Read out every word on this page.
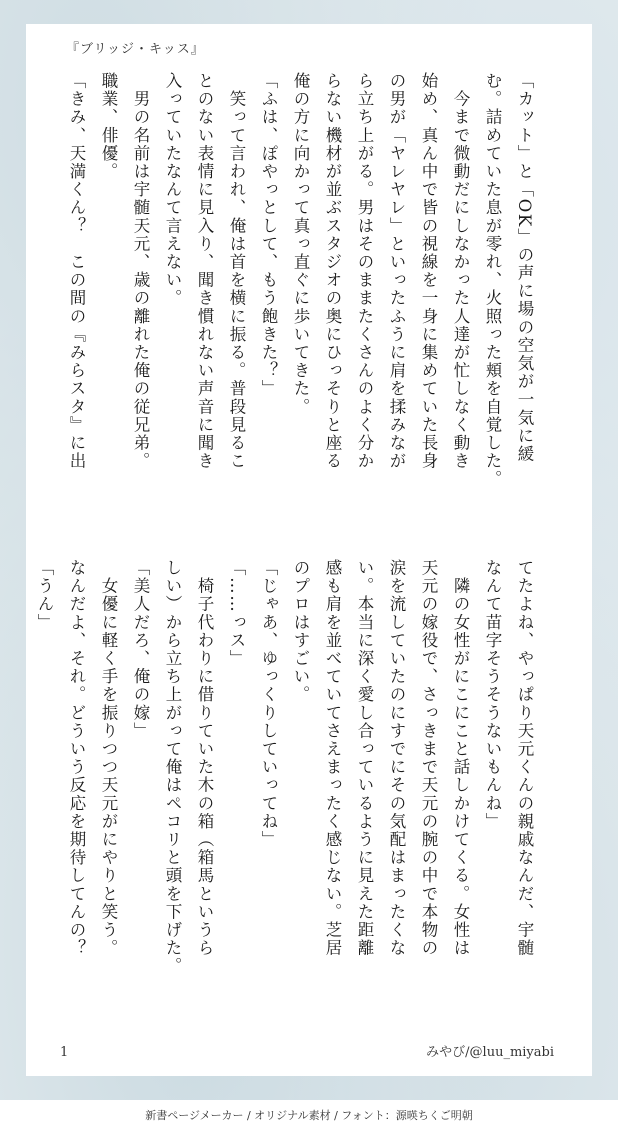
『ブリッジ・キッス』
「カット」と「OK」の声に場の空気が一気に緩
む。詰めていた息が零れ、火照った頬を自覚した。
　今まで微動だにしなかった人達が忙しなく動き
始め、真ん中で皆の視線を一身に集めていた長身
の男が「ヤレヤレ」といったふうに肩を揉みなが
ら立ち上がる。男はそのままたくさんのよく分か
らない機材が並ぶスタジオの奥にひっそりと座る
俺の方に向かって真っ直ぐに歩いてきた。
「ふは、ぽやっとして、もう飽きた？」
　笑って言われ、俺は首を横に振る。普段見るこ
とのない表情に見入り、聞き慣れない声音に聞き
入っていたなんて言えない。
　男の名前は宇髄天元、歳の離れた俺の従兄弟。
職業、俳優。
「きみ、天満くん？　この間の『みらスタ』に出
てたよね、やっぱり天元くんの親戚なんだ、宇髄
なんて苗字そうそうないもんね」
　隣の女性がにこにこと話しかけてくる。女性は
天元の嫁役で、さっきまで天元の腕の中で本物の
涙を流していたのにすでにその気配はまったくな
い。本当に深く愛し合っているように見えた距離
感も肩を並べていてさえまったく感じない。芝居
のプロはすごい。
「じゃあ、ゆっくりしていってね」
「……っス」
　椅子代わりに借りていた木の箱（箱馬というら
しい）から立ち上がって俺はペコリと頭を下げた。
「美人だろ、俺の嫁」
　女優に軽く手を振りつつ天元がにやりと笑う。
なんだよ、それ。どういう反応を期待してんの？
「うん」
1	みやび/@luu_miyabi
新書ページメーカー / オリジナル素材 / フォント：源暎ちくご明朝
